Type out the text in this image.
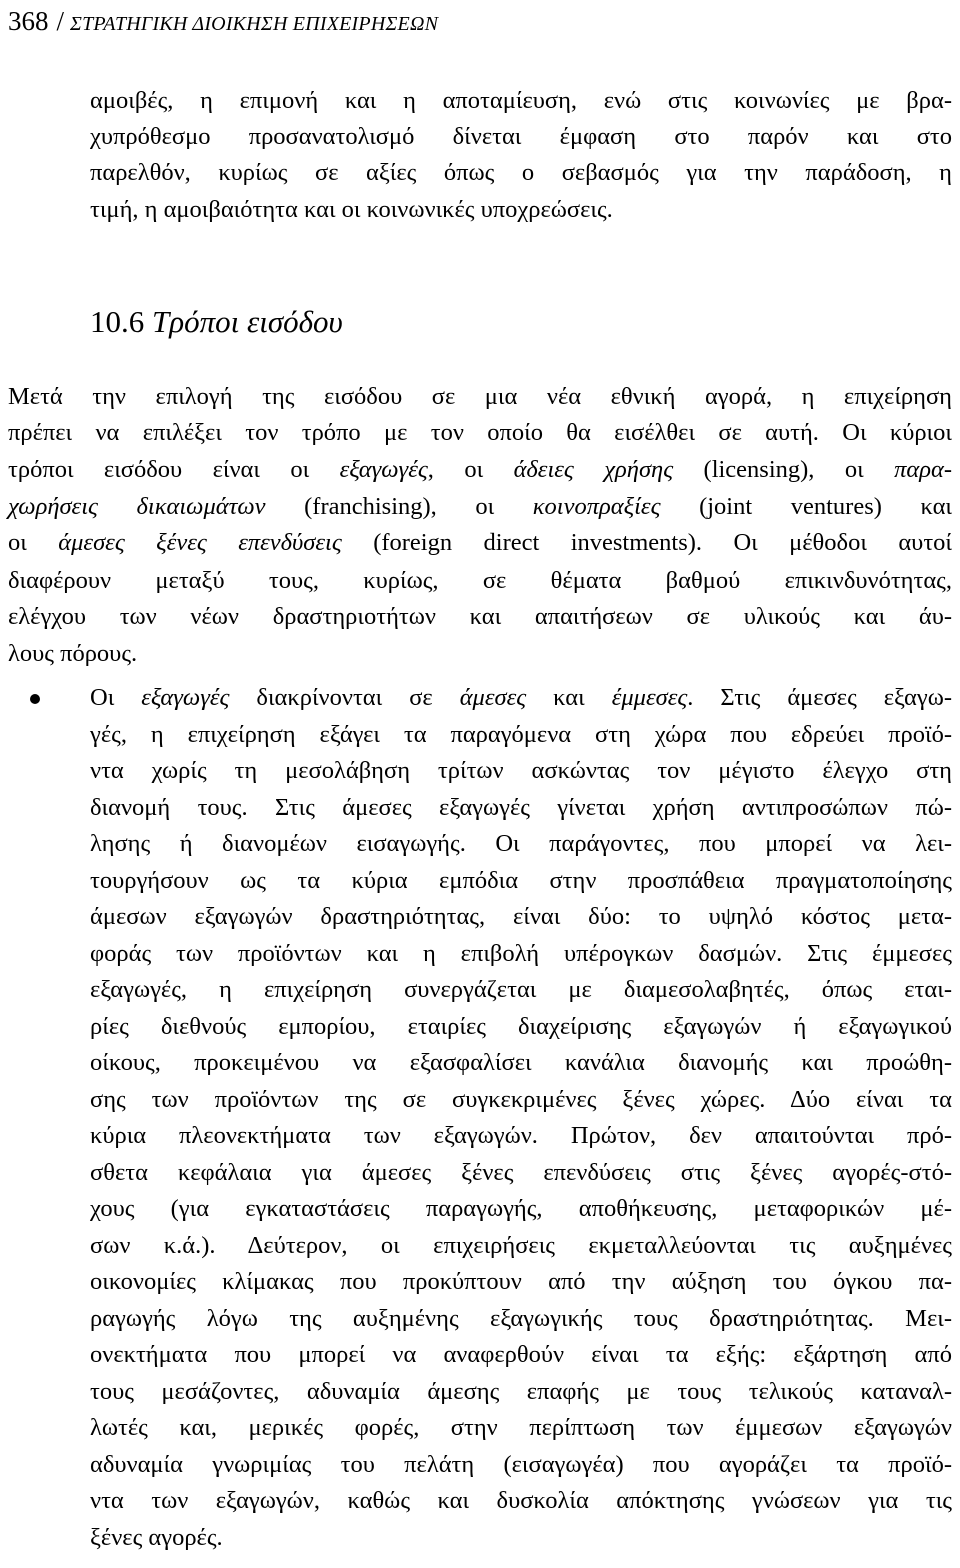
368 / ΣΤΡΑΤΗΓΙΚΗ ΔΙΟΙΚΗΣΗ ΕΠΙΧΕΙΡΗΣΕΩΝ
αμοιβές, η επιμονή και η αποταμίευση, ενώ στις κοινωνίες με βρα-
χυπρόθεσμο προσανατολισμό δίνεται έμφαση στο παρόν και στο
παρελθόν, κυρίως σε αξίες όπως ο σεβασμός για την παράδοση, η
τιμή, η αμοιβαιότητα και οι κοινωνικές υποχρεώσεις.
10.6 Τρόποι εισόδου
Μετά την επιλογή της εισόδου σε μια νέα εθνική αγορά, η επιχείρηση
πρέπει να επιλέξει τον τρόπο με τον οποίο θα εισέλθει σε αυτή. Οι κύριοι
τρόποι εισόδου είναι οι εξαγωγές, οι άδειες χρήσης (licensing), οι παρα-
χωρήσεις δικαιωμάτων (franchising), οι κοινοπραξίες (joint ventures) και
οι άμεσες ξένες επενδύσεις (foreign direct investments). Οι μέθοδοι αυτοί
διαφέρουν μεταξύ τους, κυρίως, σε θέματα βαθμού επικινδυνότητας,
ελέγχου των νέων δραστηριοτήτων και απαιτήσεων σε υλικούς και άυ-
λους πόρους.
Οι εξαγωγές διακρίνονται σε άμεσες και έμμεσες. Στις άμεσες εξαγω-
γές, η επιχείρηση εξάγει τα παραγόμενα στη χώρα που εδρεύει προϊό-
ντα χωρίς τη μεσολάβηση τρίτων ασκώντας τον μέγιστο έλεγχο στη
διανομή τους. Στις άμεσες εξαγωγές γίνεται χρήση αντιπροσώπων πώ-
λησης ή διανομέων εισαγωγής. Οι παράγοντες, που μπορεί να λει-
τουργήσουν ως τα κύρια εμπόδια στην προσπάθεια πραγματοποίησης
άμεσων εξαγωγών δραστηριότητας, είναι δύο: το υψηλό κόστος μετα-
φοράς των προϊόντων και η επιβολή υπέρογκων δασμών. Στις έμμεσες
εξαγωγές, η επιχείρηση συνεργάζεται με διαμεσολαβητές, όπως εται-
ρίες διεθνούς εμπορίου, εταιρίες διαχείρισης εξαγωγών ή εξαγωγικού
οίκους, προκειμένου να εξασφαλίσει κανάλια διανομής και προώθη-
σης των προϊόντων της σε συγκεκριμένες ξένες χώρες. Δύο είναι τα
κύρια πλεονεκτήματα των εξαγωγών. Πρώτον, δεν απαιτούνται πρό-
σθετα κεφάλαια για άμεσες ξένες επενδύσεις στις ξένες αγορές-στό-
χους (για εγκαταστάσεις παραγωγής, αποθήκευσης, μεταφορικών μέ-
σων κ.ά.). Δεύτερον, οι επιχειρήσεις εκμεταλλεύονται τις αυξημένες
οικονομίες κλίμακας που προκύπτουν από την αύξηση του όγκου πα-
ραγωγής λόγω της αυξημένης εξαγωγικής τους δραστηριότητας. Μει-
ονεκτήματα που μπορεί να αναφερθούν είναι τα εξής: εξάρτηση από
τους μεσάζοντες, αδυναμία άμεσης επαφής με τους τελικούς καταναλ-
λωτές και, μερικές φορές, στην περίπτωση των έμμεσων εξαγωγών
αδυναμία γνωριμίας του πελάτη (εισαγωγέα) που αγοράζει τα προϊό-
ντα των εξαγωγών, καθώς και δυσκολία απόκτησης γνώσεων για τις
ξένες αγορές.
